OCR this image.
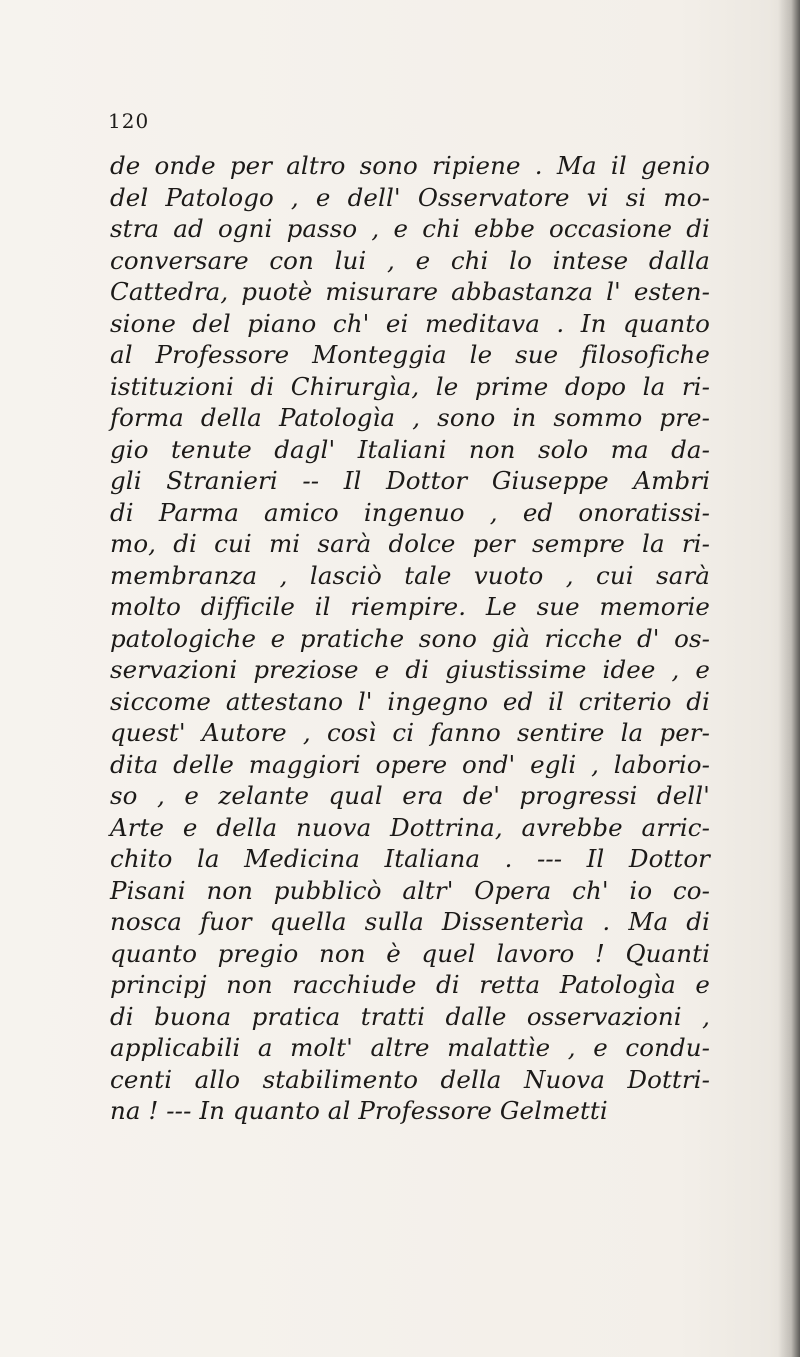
120
de onde per altro sono ripiene . Ma il genio
del Patologo , e dell' Osservatore vi si mo-
stra ad ogni passo , e chi ebbe occasione di
conversare con lui , e chi lo intese dalla
Cattedra, puotè misurare abbastanza l' esten-
sione del piano ch' ei meditava . In quanto
al Professore Monteggia le sue filosofiche
istituzioni di Chirurgìa, le prime dopo la ri-
forma della Patologìa , sono in sommo pre-
gio tenute dagl' Italiani non solo ma da-
gli Stranieri -- Il Dottor Giuseppe Ambri
di Parma amico ingenuo , ed onoratissi-
mo, di cui mi sarà dolce per sempre la ri-
membranza , lasciò tale vuoto , cui sarà
molto difficile il riempire. Le sue memorie
patologiche e pratiche sono già ricche d' os-
servazioni preziose e di giustissime idee , e
siccome attestano l' ingegno ed il criterio di
quest' Autore , così ci fanno sentire la per-
dita delle maggiori opere ond' egli , laborio-
so , e zelante qual era de' progressi dell'
Arte e della nuova Dottrina, avrebbe arric-
chito la Medicina Italiana . --- Il Dottor
Pisani non pubblicò altr' Opera ch' io co-
nosca fuor quella sulla Dissenterìa . Ma di
quanto pregio non è quel lavoro ! Quanti
principj non racchiude di retta Patologìa e
di buona pratica tratti dalle osservazioni ,
applicabili a molt' altre malattìe , e condu-
centi allo stabilimento della Nuova Dottri-
na ! --- In quanto al Professore Gelmetti
